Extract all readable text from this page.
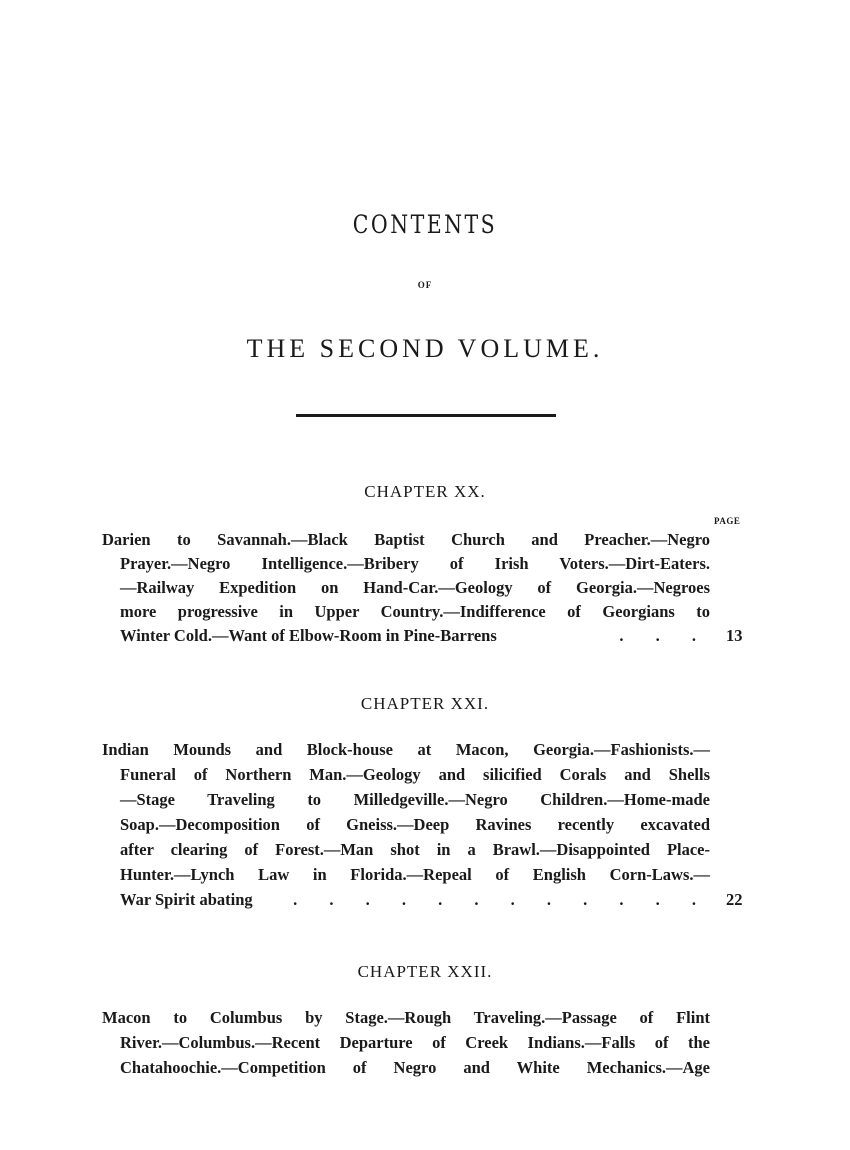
CONTENTS
OF
THE SECOND VOLUME.
CHAPTER XX.
PAGE
Darien to Savannah.—Black Baptist Church and Preacher.—Negro
Prayer.—Negro Intelligence.—Bribery of Irish Voters.—Dirt-Eaters.
—Railway Expedition on Hand-Car.—Geology of Georgia.—Negroes
more progressive in Upper Country.—Indifference of Georgians to
Winter Cold.—Want of Elbow-Room in Pine-Barrens	. . . 13
CHAPTER XXI.
Indian Mounds and Block-house at Macon, Georgia.—Fashionists.—
Funeral of Northern Man.—Geology and silicified Corals and Shells
—Stage Traveling to Milledgeville.—Negro Children.—Home-made
Soap.—Decomposition of Gneiss.—Deep Ravines recently excavated
after clearing of Forest.—Man shot in a Brawl.—Disappointed Place-
Hunter.—Lynch Law in Florida.—Repeal of English Corn-Laws.—
War Spirit abating	. . . . . . . . . . . . 22
CHAPTER XXII.
Macon to Columbus by Stage.—Rough Traveling.—Passage of Flint
River.—Columbus.—Recent Departure of Creek Indians.—Falls of the
Chatahoochie.—Competition of Negro and White Mechanics.—Age
